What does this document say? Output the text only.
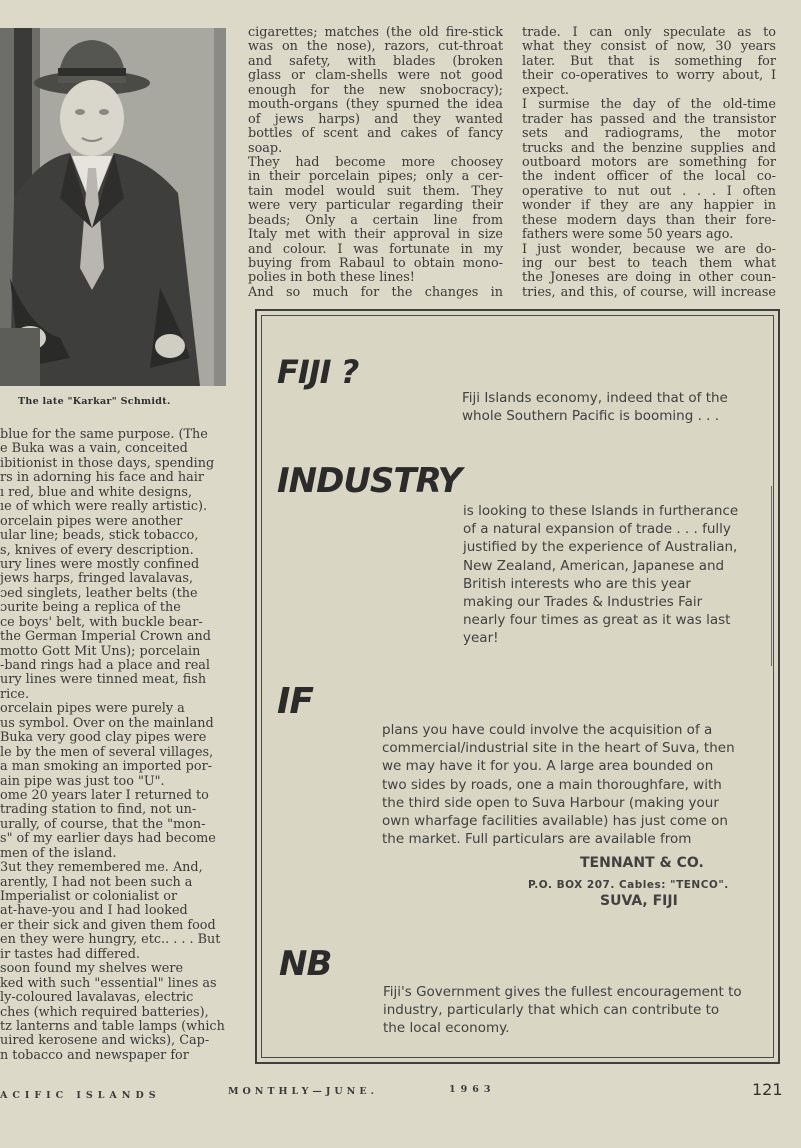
The late "Karkar" Schmidt.
blue for the same purpose. (The
e Buka was a vain, conceited
ibitionist in those days, spending
rs in adorning his face and hair
ı red, blue and white designs,
ıe of which were really artistic).
orcelain pipes were another
ular line; beads, stick tobacco,
s, knives of every description.
ury lines were mostly confined
jews harps, fringed lavalavas,
ɔed singlets, leather belts (the
ɔurite being a replica of the
ce boys' belt, with buckle bear-
the German Imperial Crown and
motto Gott Mit Uns); porcelain
-band rings had a place and real
ury lines were tinned meat, fish
rice.
orcelain pipes were purely a
us symbol. Over on the mainland
Buka very good clay pipes were
le by the men of several villages,
a man smoking an imported por-
ain pipe was just too "U".
ome 20 years later I returned to
trading station to find, not un-
urally, of course, that the "mon-
s" of my earlier days had become
men of the island.
3ut they remembered me. And,
arently, I had not been such a
Imperialist or colonialist or
at-have-you and I had looked
er their sick and given them food
en they were hungry, etc.. . . . But
ir tastes had differed.
soon found my shelves were
ked with such "essential" lines as
ly-coloured lavalavas, electric
ches (which required batteries),
tz lanterns and table lamps (which
uired kerosene and wicks), Cap-
n tobacco and newspaper for
cigarettes; matches (the old fire-stick
was on the nose), razors, cut-throat
and safety, with blades (broken
glass or clam-shells were not good
enough for the new snobocracy);
mouth-organs (they spurned the idea
of jews harps) and they wanted
bottles of scent and cakes of fancy
soap.
They had become more choosey
in their porcelain pipes; only a cer-
tain model would suit them. They
were very particular regarding their
beads; Only a certain line from
Italy met with their approval in size
and colour. I was fortunate in my
buying from Rabaul to obtain mono-
polies in both these lines!
And so much for the changes in
trade. I can only speculate as to
what they consist of now, 30 years
later. But that is something for
their co-operatives to worry about, I
expect.
I surmise the day of the old-time
trader has passed and the transistor
sets and radiograms, the motor
trucks and the benzine supplies and
outboard motors are something for
the indent officer of the local co-
operative to nut out . . . I often
wonder if they are any happier in
these modern days than their fore-
fathers were some 50 years ago.
I just wonder, because we are do-
ing our best to teach them what
the Joneses are doing in other coun-
tries, and this, of course, will increase
FIJI ?
Fiji Islands economy, indeed that of the
whole Southern Pacific is booming . . .
INDUSTRY
is looking to these Islands in furtherance
of a natural expansion of trade . . . fully
justified by the experience of Australian,
New Zealand, American, Japanese and
British interests who are this year
making our Trades & Industries Fair
nearly four times as great as it was last
year!
IF
plans you have could involve the acquisition of a
commercial/industrial site in the heart of Suva, then
we may have it for you. A large area bounded on
two sides by roads, one a main thoroughfare, with
the third side open to Suva Harbour (making your
own wharfage facilities available) has just come on
the market. Full particulars are available from
TENNANT & CO.
P.O. BOX 207. Cables: "TENCO".
SUVA, FIJI
NB
Fiji's Government gives the fullest encouragement to
industry, particularly that which can contribute to
the local economy.
ACIFIC ISLANDS	MONTHLY—JUNE.	1963	121
